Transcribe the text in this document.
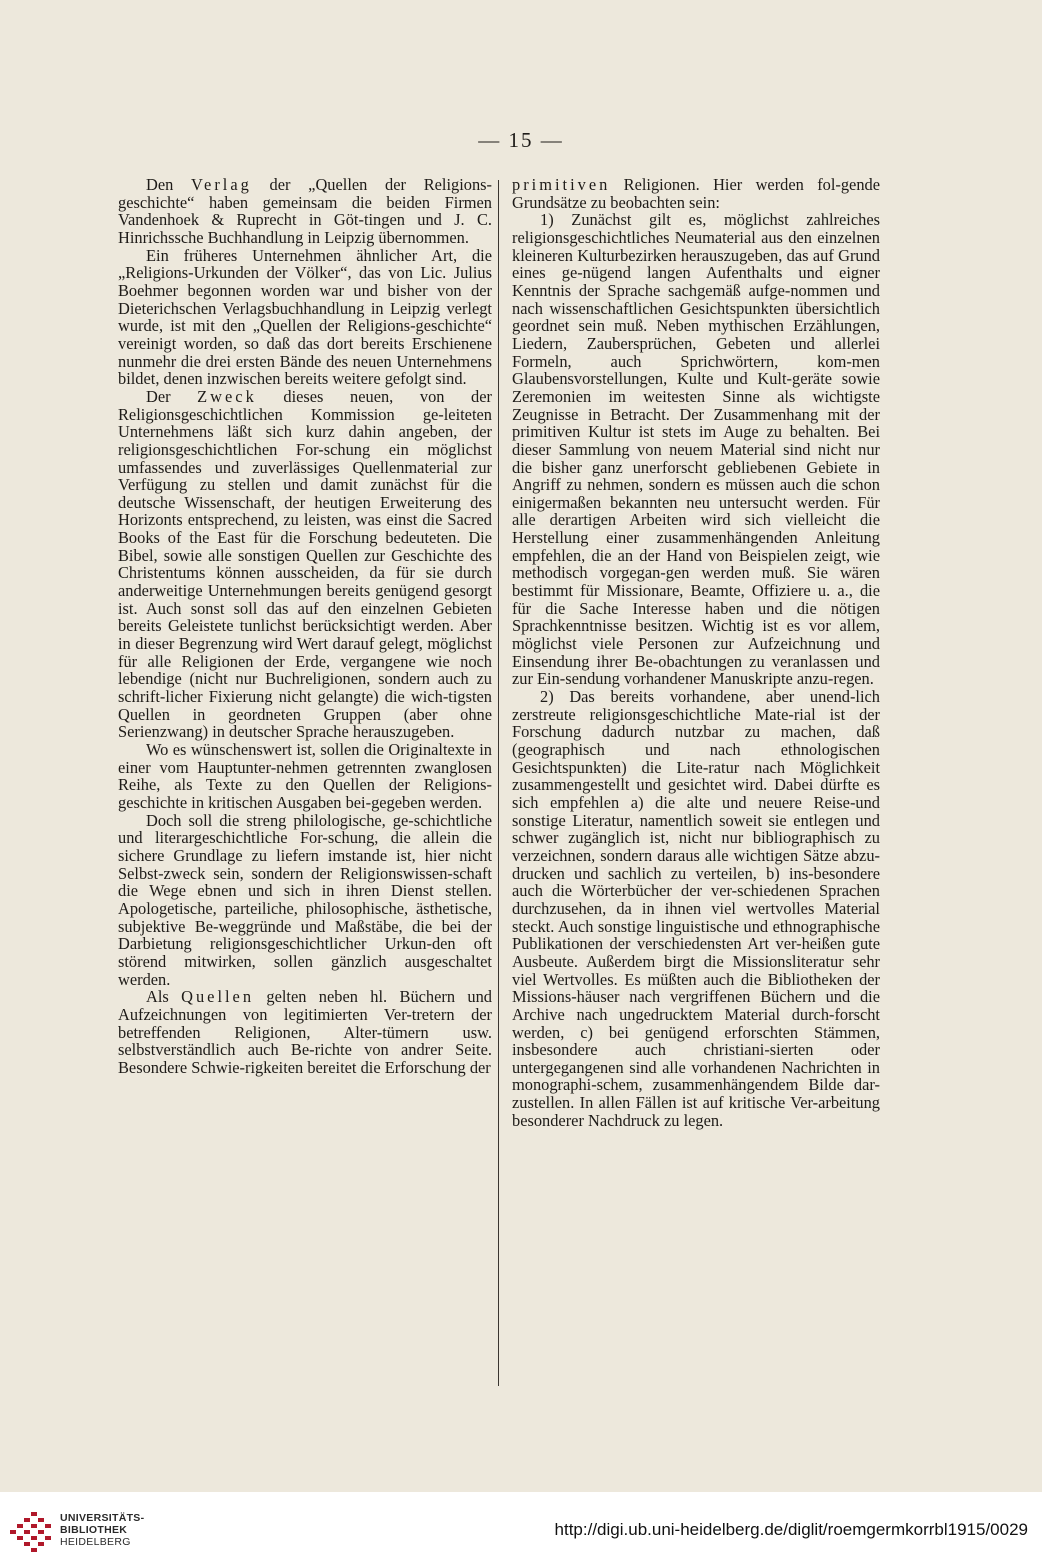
— 15 —

Den Verlag der „Quellen der Religions-geschichte“ haben gemeinsam die beiden Firmen Vandenhoek & Ruprecht in Göt-tingen und J. C. Hinrichssche Buchhandlung in Leipzig übernommen.

Ein früheres Unternehmen ähnlicher Art, die „Religions-Urkunden der Völker“, das von Lic. Julius Boehmer begonnen worden war und bisher von der Dieterichschen Verlagsbuchhandlung in Leipzig verlegt wurde, ist mit den „Quellen der Religions-geschichte“ vereinigt worden, so daß das dort bereits Erschienene nunmehr die drei ersten Bände des neuen Unternehmens bildet, denen inzwischen bereits weitere gefolgt sind.

Der Zweck dieses neuen, von der Religionsgeschichtlichen Kommission ge-leiteten Unternehmens läßt sich kurz dahin angeben, der religionsgeschichtlichen For-schung ein möglichst umfassendes und zuverlässiges Quellenmaterial zur Verfügung zu stellen und damit zunächst für die deutsche Wissenschaft, der heutigen Erweiterung des Horizonts entsprechend, zu leisten, was einst die Sacred Books of the East für die Forschung bedeuteten. Die Bibel, sowie alle sonstigen Quellen zur Geschichte des Christentums können ausscheiden, da für sie durch anderweitige Unternehmungen bereits genügend gesorgt ist. Auch sonst soll das auf den einzelnen Gebieten bereits Geleistete tunlichst berücksichtigt werden. Aber in dieser Begrenzung wird Wert darauf gelegt, möglichst für alle Religionen der Erde, vergangene wie noch lebendige (nicht nur Buchreligionen, sondern auch zu schrift-licher Fixierung nicht gelangte) die wich-tigsten Quellen in geordneten Gruppen (aber ohne Serienzwang) in deutscher Sprache herauszugeben.

Wo es wünschenswert ist, sollen die Originaltexte in einer vom Hauptunter-nehmen getrennten zwanglosen Reihe, als Texte zu den Quellen der Religions-geschichte in kritischen Ausgaben bei-gegeben werden.

Doch soll die streng philologische, ge-schichtliche und literargeschichtliche For-schung, die allein die sichere Grundlage zu liefern imstande ist, hier nicht Selbst-zweck sein, sondern der Religionswissen-schaft die Wege ebnen und sich in ihren Dienst stellen. Apologetische, parteiliche, philosophische, ästhetische, subjektive Be-weggründe und Maßstäbe, die bei der Darbietung religionsgeschichtlicher Urkun-den oft störend mitwirken, sollen gänzlich ausgeschaltet werden.

Als Quellen gelten neben hl. Büchern und Aufzeichnungen von legitimierten Ver-tretern der betreffenden Religionen, Alter-tümern usw. selbstverständlich auch Be-richte von andrer Seite. Besondere Schwie-rigkeiten bereitet die Erforschung der

primitiven Religionen. Hier werden fol-gende Grundsätze zu beobachten sein:

1) Zunächst gilt es, möglichst zahlreiches religionsgeschichtliches Neumaterial aus den einzelnen kleineren Kulturbezirken herauszugeben, das auf Grund eines ge-nügend langen Aufenthalts und eigner Kenntnis der Sprache sachgemäß aufge-nommen und nach wissenschaftlichen Gesichtspunkten übersichtlich geordnet sein muß. Neben mythischen Erzählungen, Liedern, Zaubersprüchen, Gebeten und allerlei Formeln, auch Sprichwörtern, kom-men Glaubensvorstellungen, Kulte und Kult-geräte sowie Zeremonien im weitesten Sinne als wichtigste Zeugnisse in Betracht. Der Zusammenhang mit der primitiven Kultur ist stets im Auge zu behalten. Bei dieser Sammlung von neuem Material sind nicht nur die bisher ganz unerforscht gebliebenen Gebiete in Angriff zu nehmen, sondern es müssen auch die schon einigermaßen bekannten neu untersucht werden. Für alle derartigen Arbeiten wird sich vielleicht die Herstellung einer zusammenhängenden Anleitung empfehlen, die an der Hand von Beispielen zeigt, wie methodisch vorgegan-gen werden muß. Sie wären bestimmt für Missionare, Beamte, Offiziere u. a., die für die Sache Interesse haben und die nötigen Sprachkenntnisse besitzen. Wichtig ist es vor allem, möglichst viele Personen zur Aufzeichnung und Einsendung ihrer Be-obachtungen zu veranlassen und zur Ein-sendung vorhandener Manuskripte anzu-regen.

2) Das bereits vorhandene, aber unend-lich zerstreute religionsgeschichtliche Mate-rial ist der Forschung dadurch nutzbar zu machen, daß (geographisch und nach ethnologischen Gesichtspunkten) die Lite-ratur nach Möglichkeit zusammengestellt und gesichtet wird. Dabei dürfte es sich empfehlen a) die alte und neuere Reise-und sonstige Literatur, namentlich soweit sie entlegen und schwer zugänglich ist, nicht nur bibliographisch zu verzeichnen, sondern daraus alle wichtigen Sätze abzu-drucken und sachlich zu verteilen, b) ins-besondere auch die Wörterbücher der ver-schiedenen Sprachen durchzusehen, da in ihnen viel wertvolles Material steckt. Auch sonstige linguistische und ethnographische Publikationen der verschiedensten Art ver-heißen gute Ausbeute. Außerdem birgt die Missionsliteratur sehr viel Wertvolles. Es müßten auch die Bibliotheken der Missions-häuser nach vergriffenen Büchern und die Archive nach ungedrucktem Material durch-forscht werden, c) bei genügend erforschten Stämmen, insbesondere auch christiani-sierten oder untergegangenen sind alle vorhandenen Nachrichten in monographi-schem, zusammenhängendem Bilde dar-zustellen. In allen Fällen ist auf kritische Ver-arbeitung besonderer Nachdruck zu legen.

UNIVERSITÄTS-
BIBLIOTHEK
HEIDELBERG
http://digi.ub.uni-heidelberg.de/diglit/roemgermkorrbl1915/0029
